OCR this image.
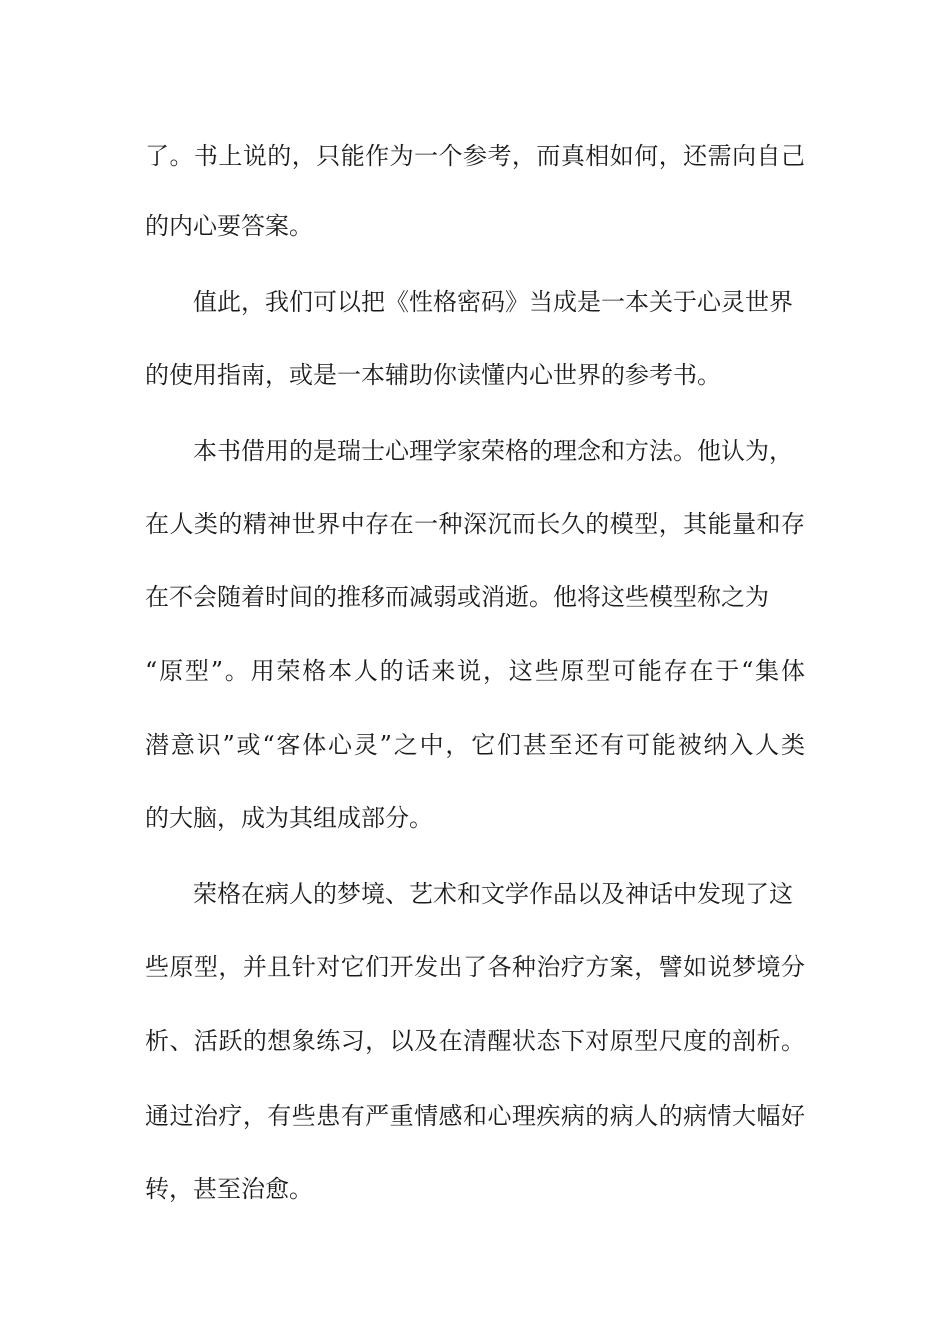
了。书上说的，只能作为一个参考，而真相如何，还需向自己
的内心要答案。
值此，我们可以把《性格密码》当成是一本关于心灵世界
的使用指南，或是一本辅助你读懂内心世界的参考书。
本书借用的是瑞士心理学家荣格的理念和方法。他认为，
在人类的精神世界中存在一种深沉而长久的模型，其能量和存
在不会随着时间的推移而减弱或消逝。他将这些模型称之为
“原型”。用荣格本人的话来说，这些原型可能存在于“集体
潜意识”或“客体心灵”之中，它们甚至还有可能被纳入人类
的大脑，成为其组成部分。
荣格在病人的梦境、艺术和文学作品以及神话中发现了这
些原型，并且针对它们开发出了各种治疗方案，譬如说梦境分
析、活跃的想象练习，以及在清醒状态下对原型尺度的剖析。
通过治疗，有些患有严重情感和心理疾病的病人的病情大幅好
转，甚至治愈。
